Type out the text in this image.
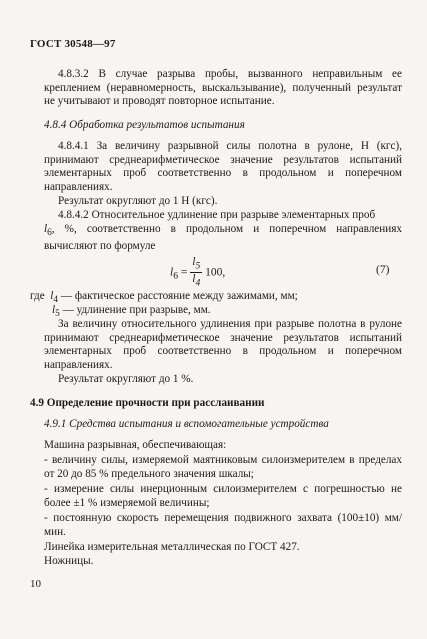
ГОСТ 30548—97

4.8.3.2 В случае разрыва пробы, вызванного неправильным ее креплением (неравномерность, выскальзывание), полученный результат не учитывают и проводят повторное испытание.

4.8.4 Обработка результатов испытания

4.8.4.1 За величину разрывной силы полотна в рулоне, Н (кгс), принимают среднеарифметическое значение результатов испытаний элементарных проб соответственно в продольном и поперечном направлениях.

Результат округляют до 1 Н (кгс).

4.8.4.2 Относительное удлинение при разрыве элементарных проб
$l_6$, %, соответственно в продольном и поперечном направлениях вычисляют по формуле

$l_6 = \frac{l_5}{l_4} 100$,	(7)
где $l_4$ — фактическое расстояние между зажимами, мм;
$l_5$ — удлинение при разрыве, мм.

За величину относительного удлинения при разрыве полотна в рулоне принимают среднеарифметическое значение результатов испытаний элементарных проб соответственно в продольном и поперечном направлениях.

Результат округляют до 1 %.

4.9 Определение прочности при расслаивании

4.9.1 Средства испытания и вспомогательные устройства

Машина разрывная, обеспечивающая:

- величину силы, измеряемой маятниковым силоизмерителем в пределах от 20 до 85 % предельного значения шкалы;

- измерение силы инерционным силоизмерителем с погрешностью не более ±1 % измеряемой величины;

- постоянную скорость перемещения подвижного захвата (100±10) мм/мин.

Линейка измерительная металлическая по ГОСТ 427.

Ножницы.

10
